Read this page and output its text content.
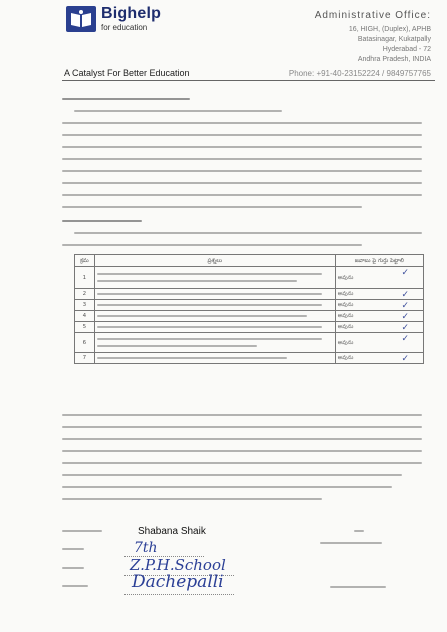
Bighelp
for education
A Catalyst For Better Education
Administrative Office:
16, HIGH, (Duplex), APHB
Batasinagar, Kukatpally
Hyderabad - 72
Andhra Pradesh, INDIA
Phone: +91-40-23152224 / 9849757765
క్రమ	ప్రశ్నలు	జవాబు పై గుర్తు పెట్టాలి
1		అవును ✓

2		అవును ✓

3		అవును ✓

4		అవును ✓

5		అవును ✓

6		అవును ✓

7		అవును ✓
Shabana Shaik
7th
Z.P.H.School
Dachepalli
